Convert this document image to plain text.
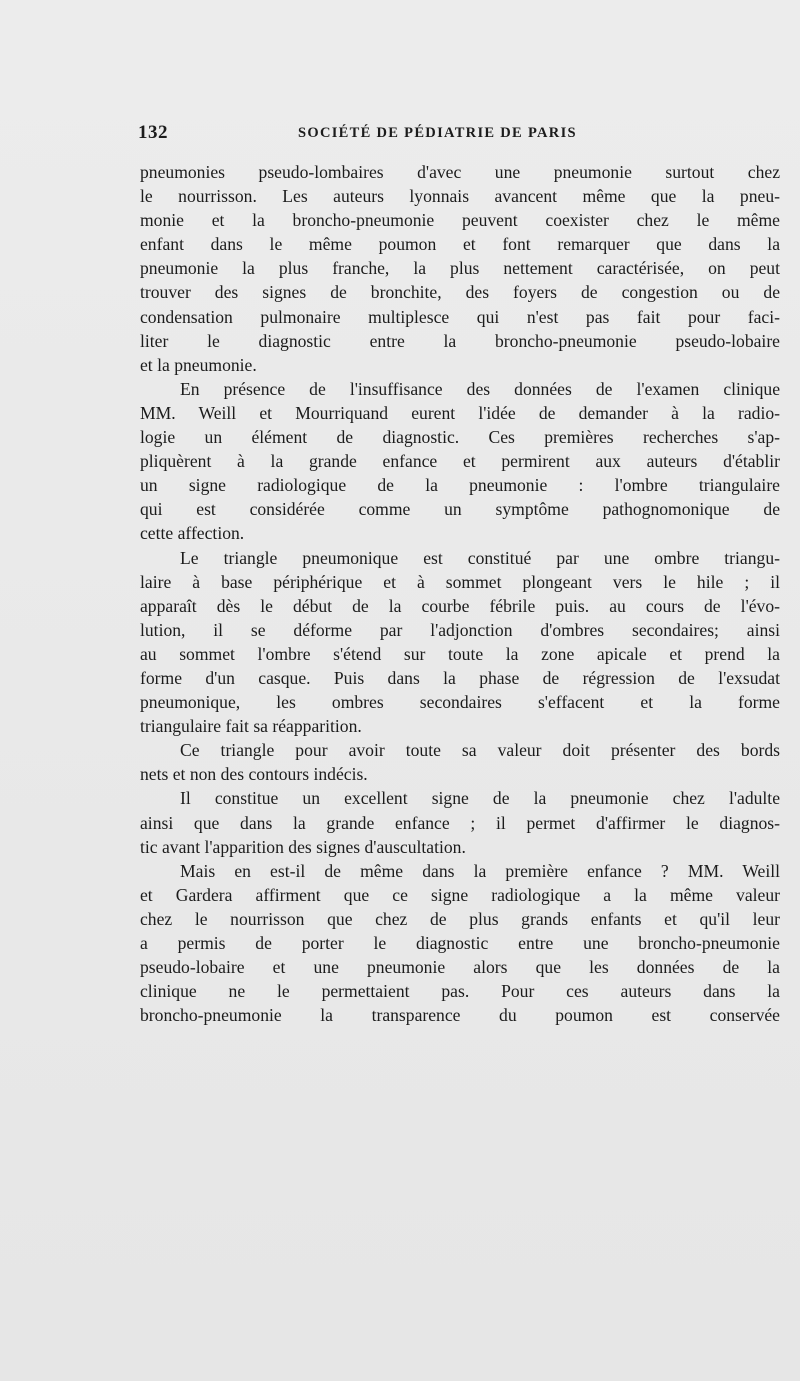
132	SOCIÉTÉ DE PÉDIATRIE DE PARIS

pneumonies pseudo-lombaires d'avec une pneumonie surtout chez

le nourrisson. Les auteurs lyonnais avancent même que la pneu-

monie et la broncho-pneumonie peuvent coexister chez le même

enfant dans le même poumon et font remarquer que dans la

pneumonie la plus franche, la plus nettement caractérisée, on peut

trouver des signes de bronchite, des foyers de congestion ou de

condensation pulmonaire multiplesce qui n'est pas fait pour faci-

liter le diagnostic entre la broncho-pneumonie pseudo-lobaire

et la pneumonie.

En présence de l'insuffisance des données de l'examen clinique

MM. Weill et Mourriquand eurent l'idée de demander à la radio-

logie un élément de diagnostic. Ces premières recherches s'ap-

pliquèrent à la grande enfance et permirent aux auteurs d'établir

un signe radiologique de la pneumonie : l'ombre triangulaire

qui est considérée comme un symptôme pathognomonique de

cette affection.

Le triangle pneumonique est constitué par une ombre triangu-

laire à base périphérique et à sommet plongeant vers le hile ; il

apparaît dès le début de la courbe fébrile puis. au cours de l'évo-

lution, il se déforme par l'adjonction d'ombres secondaires; ainsi

au sommet l'ombre s'étend sur toute la zone apicale et prend la

forme d'un casque. Puis dans la phase de régression de l'exsudat

pneumonique, les ombres secondaires s'effacent et la forme

triangulaire fait sa réapparition.

Ce triangle pour avoir toute sa valeur doit présenter des bords

nets et non des contours indécis.

Il constitue un excellent signe de la pneumonie chez l'adulte

ainsi que dans la grande enfance ; il permet d'affirmer le diagnos-

tic avant l'apparition des signes d'auscultation.

Mais en est-il de même dans la première enfance ? MM. Weill

et Gardera affirment que ce signe radiologique a la même valeur

chez le nourrisson que chez de plus grands enfants et qu'il leur

a permis de porter le diagnostic entre une broncho-pneumonie

pseudo-lobaire et une pneumonie alors que les données de la

clinique ne le permettaient pas. Pour ces auteurs dans la

broncho-pneumonie la transparence du poumon est conservée
